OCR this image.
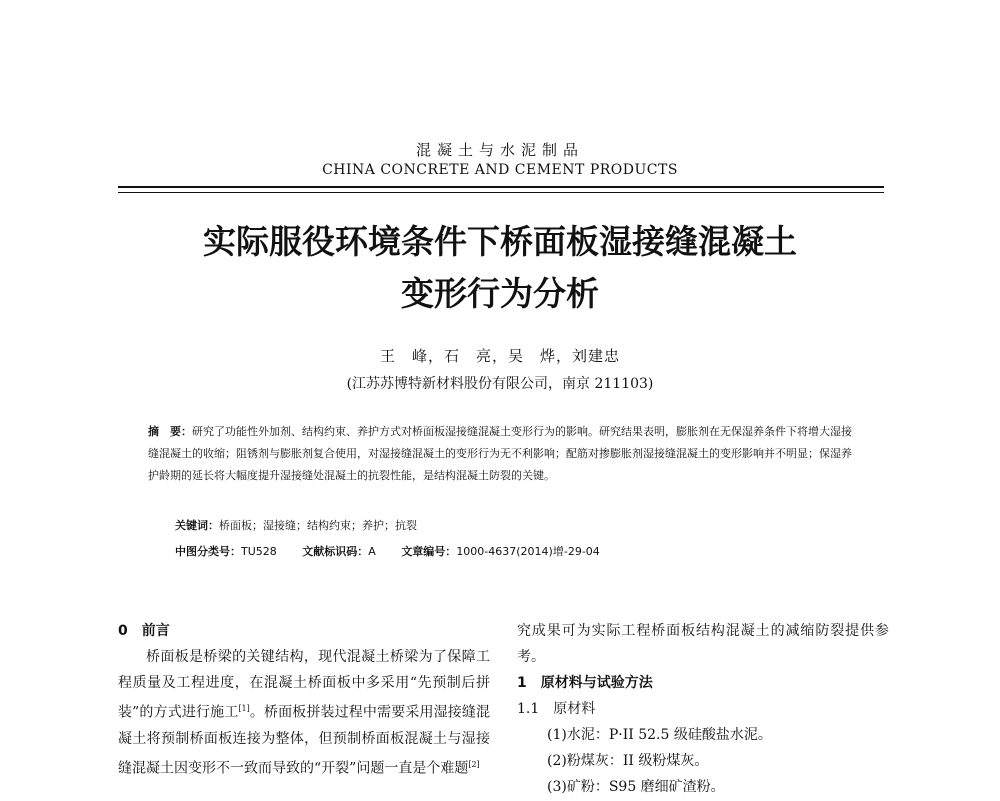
混凝土与水泥制品
CHINA CONCRETE AND CEMENT PRODUCTS
实际服役环境条件下桥面板湿接缝混凝土
变形行为分析
王　峰，石　亮，吴　烨，刘建忠
(江苏苏博特新材料股份有限公司，南京 211103)
摘　要：研究了功能性外加剂、结构约束、养护方式对桥面板湿接缝混凝土变形行为的影响。研究结果表明，膨胀剂在无保湿养条件下将增大湿接缝混凝土的收缩；阻锈剂与膨胀剂复合使用，对湿接缝混凝土的变形行为无不利影响；配筋对掺膨胀剂湿接缝混凝土的变形影响并不明显；保湿养护龄期的延长将大幅度提升湿接缝处混凝土的抗裂性能，是结构混凝土防裂的关键。
关键词：桥面板；湿接缝；结构约束；养护；抗裂
中图分类号：TU528 文献标识码：A 文章编号：1000-4637(2014)增-29-04
0　前言
桥面板是桥梁的关键结构，现代混凝土桥梁为了保障工程质量及工程进度，在混凝土桥面板中多采用“先预制后拼装”的方式进行施工[1]。桥面板拼装过程中需要采用湿接缝混凝土将预制桥面板连接为整体，但预制桥面板混凝土与湿接缝混凝土因变形不一致而导致的“开裂”问题一直是个难题[2]
究成果可为实际工程桥面板结构混凝土的减缩防裂提供参考。
1　原材料与试验方法
1.1　原材料
(1)水泥：P·II 52.5 级硅酸盐水泥。
(2)粉煤灰：II 级粉煤灰。
(3)矿粉：S95 磨细矿渣粉。
